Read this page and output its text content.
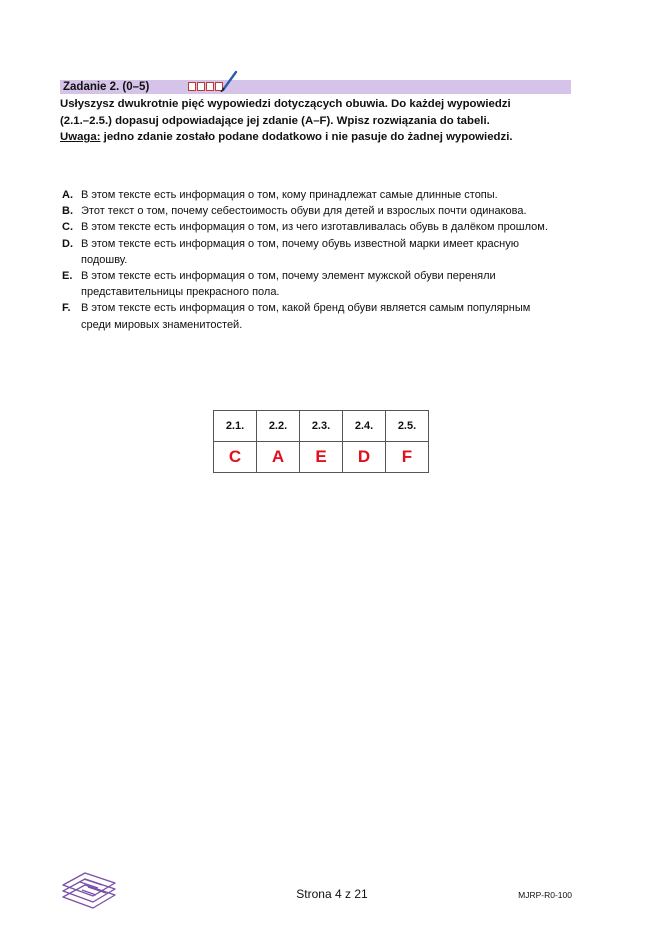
Zadanie 2. (0–5)

Usłyszysz dwukrotnie pięć wypowiedzi dotyczących obuwia. Do każdej wypowiedzi

(2.1.–2.5.) dopasuj odpowiadające jej zdanie (A–F). Wpisz rozwiązania do tabeli.

Uwaga: jedno zdanie zostało podane dodatkowo i nie pasuje do żadnej wypowiedzi.

A. В этом тексте есть информация о том, кому принадлежат самые длинные стопы.
B. Этот текст о том, почему себестоимость обуви для детей и взрослых почти одинакова.
C. В этом тексте есть информация о том, из чего изготавливалась обувь в далёком прошлом.
D. В этом тексте есть информация о том, почему обувь известной марки имеет красную подошву.
E. В этом тексте есть информация о том, почему элемент мужской обуви переняли представительницы прекрасного пола.
F. В этом тексте есть информация о том, какой бренд обуви является самым популярным среди мировых знаменитостей.
2.1.	2.2.	2.3.	2.4.	2.5.
C	A	E	D	F
Strona 4 z 21	MJRP-R0-100
